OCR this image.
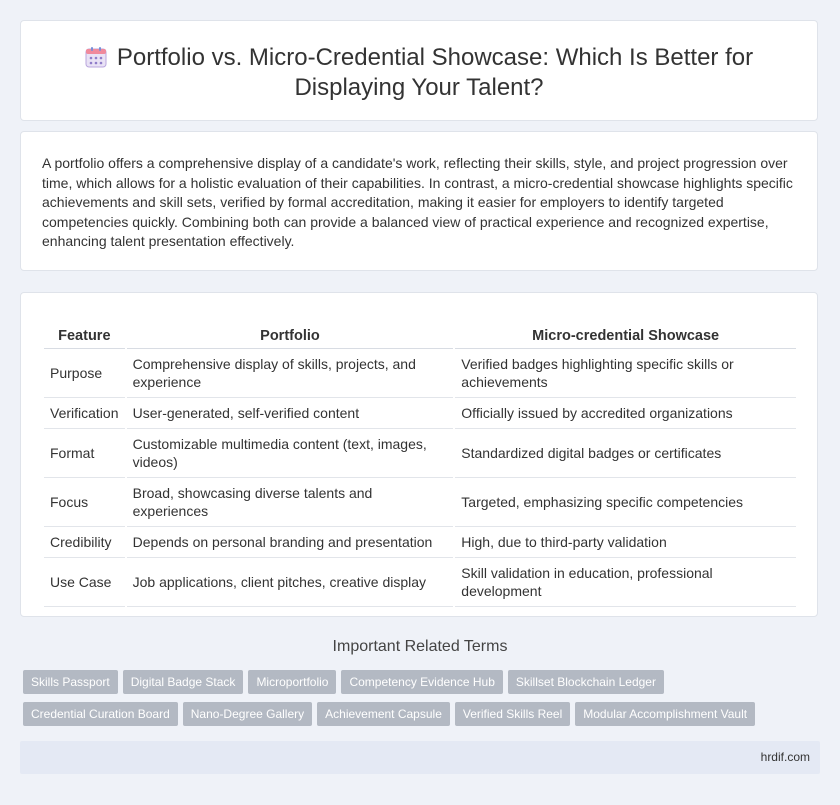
Portfolio vs. Micro-Credential Showcase: Which Is Better for
Displaying Your Talent?
A portfolio offers a comprehensive display of a candidate's work, reflecting their skills, style, and project progression over time, which allows for a holistic evaluation of their capabilities. In contrast, a micro-credential showcase highlights specific achievements and skill sets, verified by formal accreditation, making it easier for employers to identify targeted competencies quickly. Combining both can provide a balanced view of practical experience and recognized expertise, enhancing talent presentation effectively.
Feature	Portfolio	Micro-credential Showcase
Purpose	Comprehensive display of skills, projects, and experience	Verified badges highlighting specific skills or achievements
Verification	User-generated, self-verified content	Officially issued by accredited organizations
Format	Customizable multimedia content (text, images, videos)	Standardized digital badges or certificates
Focus	Broad, showcasing diverse talents and experiences	Targeted, emphasizing specific competencies
Credibility	Depends on personal branding and presentation	High, due to third-party validation
Use Case	Job applications, client pitches, creative display	Skill validation in education, professional development
Important Related Terms
Skills Passport Digital Badge Stack Microportfolio Competency Evidence Hub Skillset Blockchain Ledger
Credential Curation Board Nano-Degree Gallery Achievement Capsule Verified Skills Reel Modular Accomplishment Vault
hrdif.com
